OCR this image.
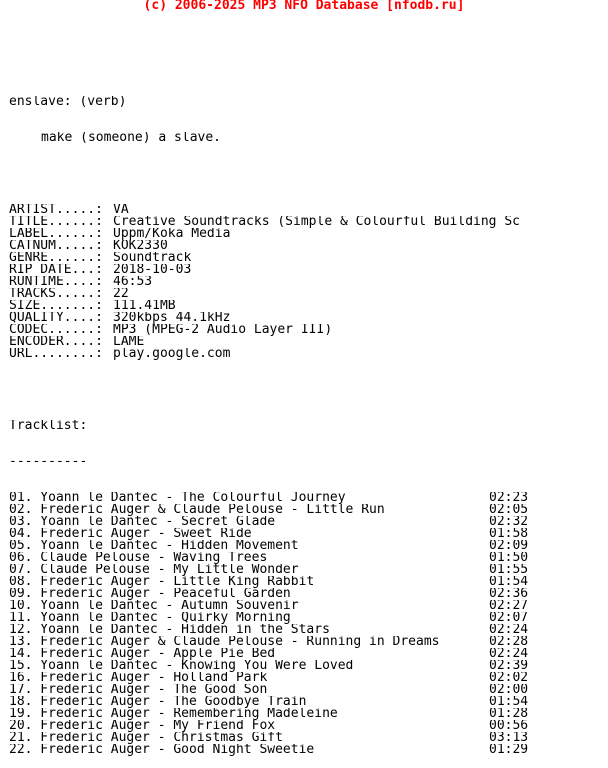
(c) 2006-2025 MP3 NFO Database [nfodb.ru]

enslave: (verb)

make (someone) a slave.

ARTIST.....: VA
TITLE......: Creative Soundtracks (Simple & Colourful Building Sc
LABEL......: Uppm/Koka Media
CATNUM.....: KOK2330
GENRE......: Soundtrack
RIP DATE...: 2018-10-03
RUNTIME....: 46:53
TRACKS.....: 22
SIZE.......: 111.41MB
QUALITY....: 320kbps 44.1kHz
CODEC......: MP3 (MPEG-2 Audio Layer III)
ENCODER....: LAME
URL........: play.google.com

Tracklist:

----------

01. Yoann le Dantec - The Colourful Journey	02:23
02. Frederic Auger & Claude Pelouse - Little Run	02:05
03. Yoann le Dantec - Secret Glade	02:32
04. Frederic Auger - Sweet Ride	01:58
05. Yoann le Dantec - Hidden Movement	02:09
06. Claude Pelouse - Waving Trees	01:50
07. Claude Pelouse - My Little Wonder	01:55
08. Frederic Auger - Little King Rabbit	01:54
09. Frederic Auger - Peaceful Garden	02:36
10. Yoann le Dantec - Autumn Souvenir	02:27
11. Yoann le Dantec - Quirky Morning	02:07
12. Yoann le Dantec - Hidden in the Stars	02:24
13. Frederic Auger & Claude Pelouse - Running in Dreams	02:28
14. Frederic Auger - Apple Pie Bed	02:24
15. Yoann le Dantec - Knowing You Were Loved	02:39
16. Frederic Auger - Holland Park	02:02
17. Frederic Auger - The Good Son	02:00
18. Frederic Auger - The Goodbye Train	01:54
19. Frederic Auger - Remembering Madeleine	01:28
20. Frederic Auger - My Friend Fox	00:56
21. Frederic Auger - Christmas Gift	03:13
22. Frederic Auger - Good Night Sweetie	01:29
